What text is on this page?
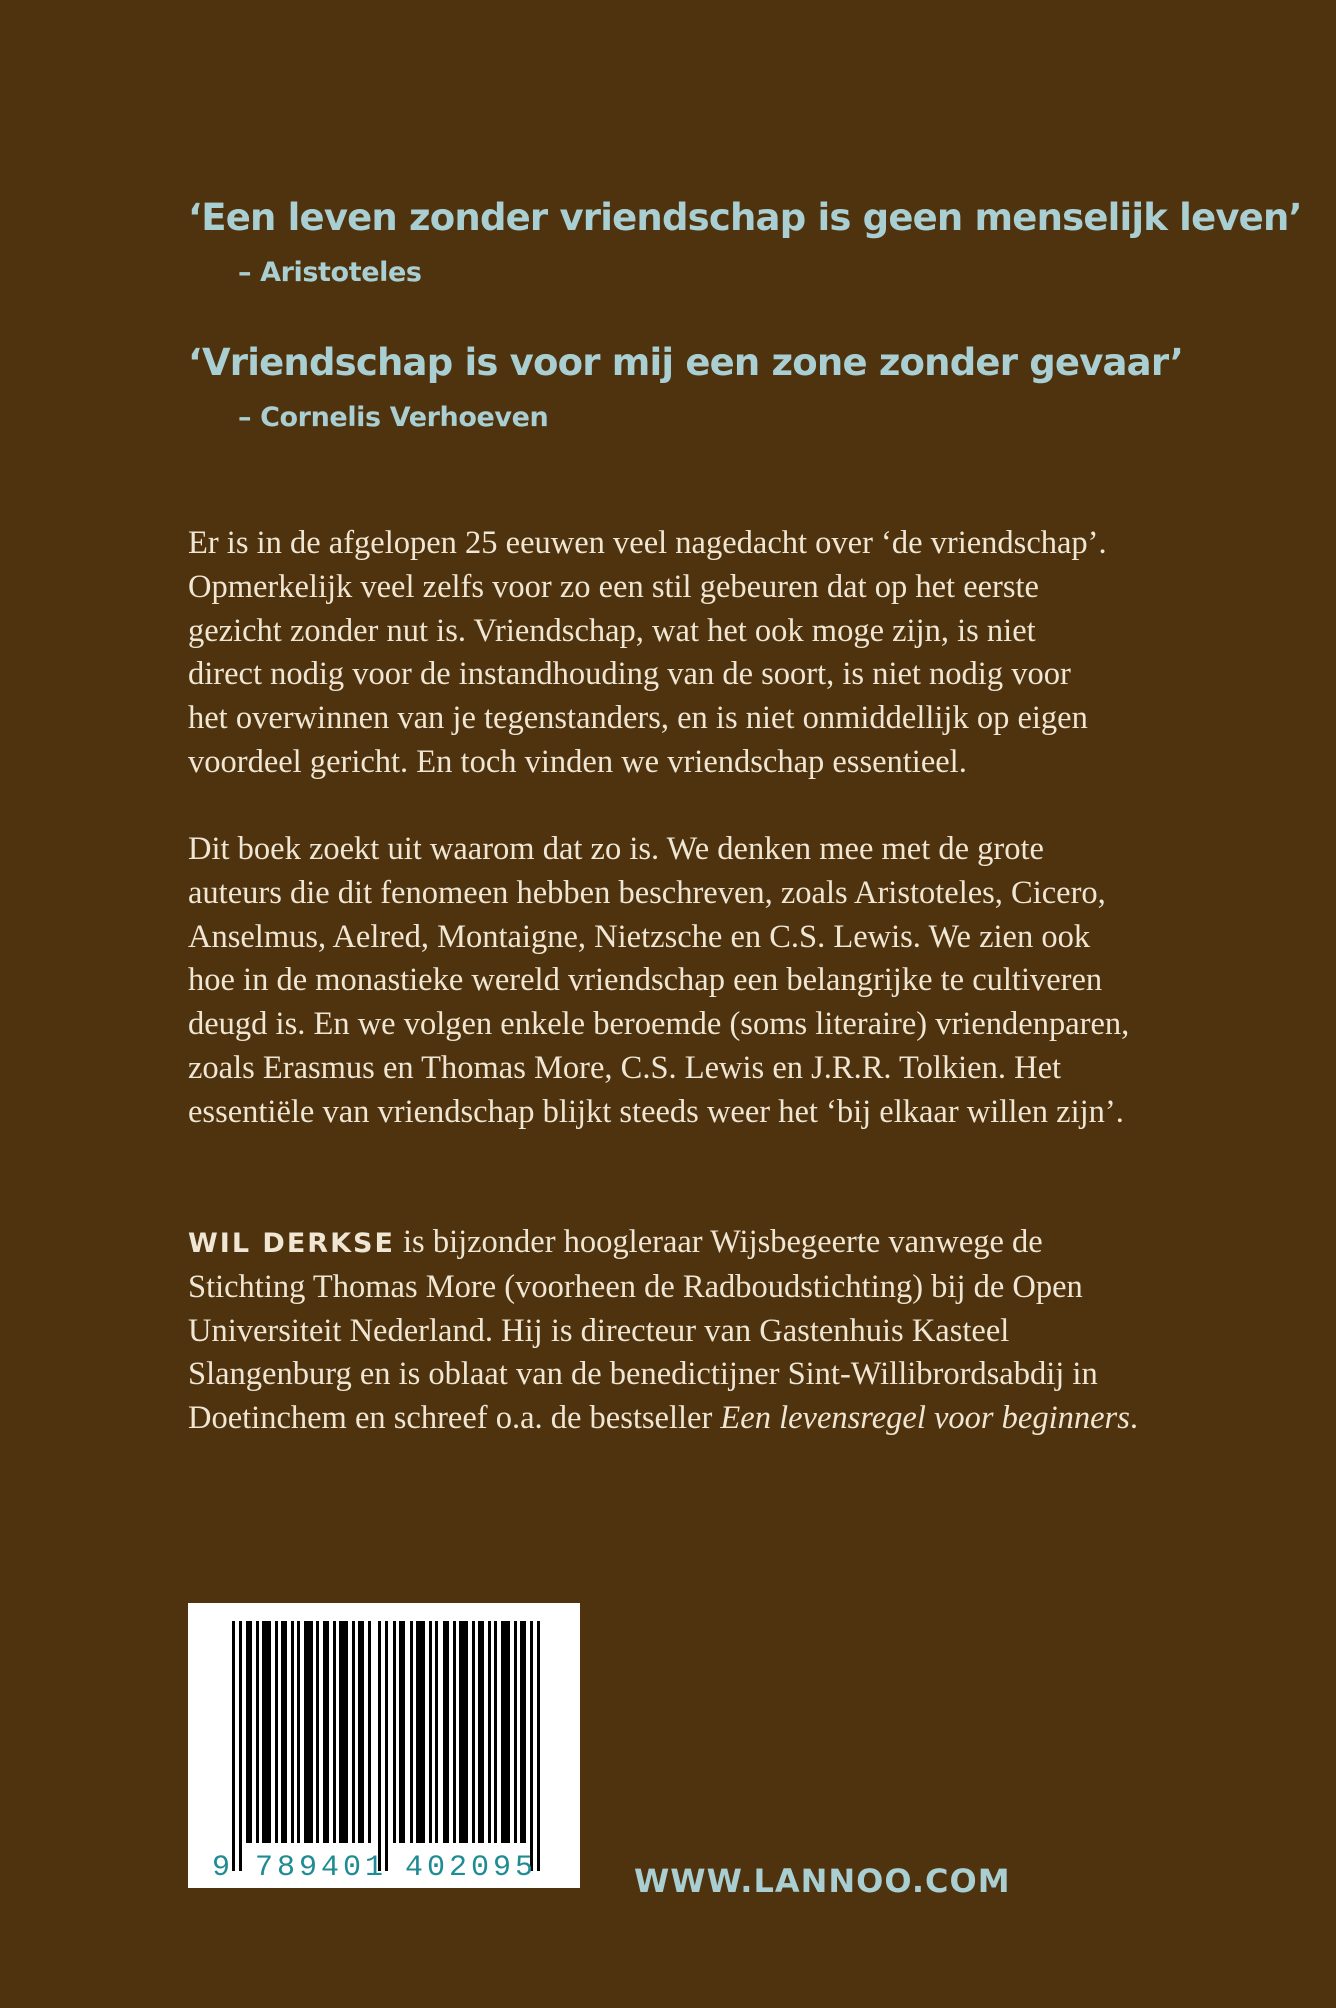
‘Een leven zonder vriendschap is geen menselijk leven’

– Aristoteles

‘Vriendschap is voor mij een zone zonder gevaar’

– Cornelis Verhoeven

Er is in de afgelopen 25 eeuwen veel nagedacht over ‘de vriendschap’.
Opmerkelijk veel zelfs voor zo een stil gebeuren dat op het eerste
gezicht zonder nut is. Vriendschap, wat het ook moge zijn, is niet
direct nodig voor de instandhouding van de soort, is niet nodig voor
het overwinnen van je tegenstanders, en is niet onmiddellijk op eigen
voordeel gericht. En toch vinden we vriendschap essentieel.

Dit boek zoekt uit waarom dat zo is. We denken mee met de grote
auteurs die dit fenomeen hebben beschreven, zoals Aristoteles, Cicero,
Anselmus, Aelred, Montaigne, Nietzsche en C.S. Lewis. We zien ook
hoe in de monastieke wereld vriendschap een belangrijke te cultiveren
deugd is. En we volgen enkele beroemde (soms literaire) vriendenparen,
zoals Erasmus en Thomas More, C.S. Lewis en J.R.R. Tolkien. Het
essentiële van vriendschap blijkt steeds weer het ‘bij elkaar willen zijn’.

WIL DERKSE is bijzonder hoogleraar Wijsbegeerte vanwege de
Stichting Thomas More (voorheen de Radboudstichting) bij de Open
Universiteit Nederland. Hij is directeur van Gastenhuis Kasteel
Slangenburg en is oblaat van de benedictijner Sint-Willibrordsabdij in
Doetinchem en schreef o.a. de bestseller Een levensregel voor beginners.

9 789401 402095	WWW.LANNOO.COM
